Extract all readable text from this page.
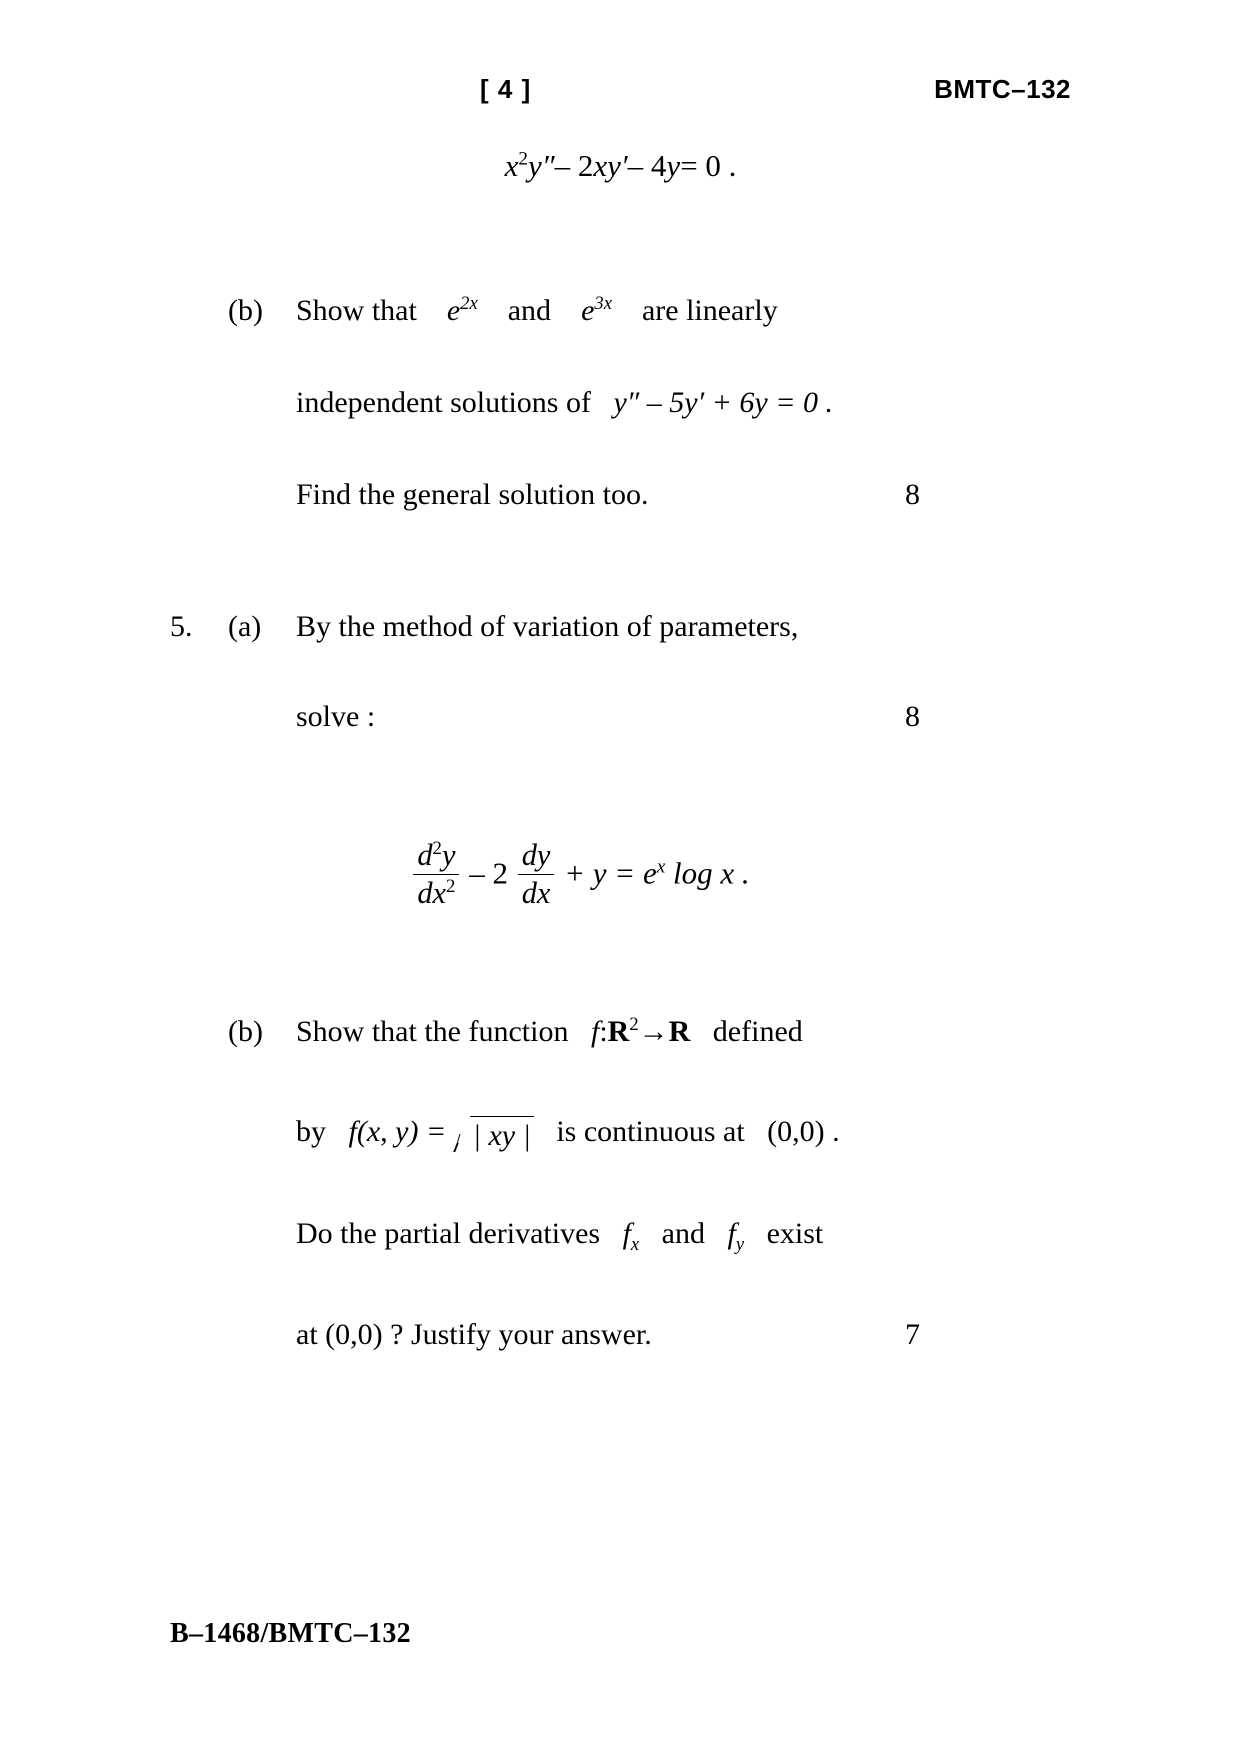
[ 4 ]	BMTC–132
$x^2y''-$ 2xy′– 4y= 0 .
(b) Show that $e^{2x}$ and $e^{3x}$ are linearly
independent solutions of y″ – 5y′ + 6y = 0 .
Find the general solution too.	8
5. (a) By the method of variation of parameters,
solve :	8
$\frac{d^2y}{dx^2} - 2 \frac{dy}{dx} + y = e^x$ log x .
(b) Show that the function $f:R^2\to R$ defined
by f(x, y) = | xy | is continuous at (0,0) .
Do the partial derivatives $f_x$ and $f_y$ exist
at (0,0) ? Justify your answer.	7
B–1468/BMTC–132
